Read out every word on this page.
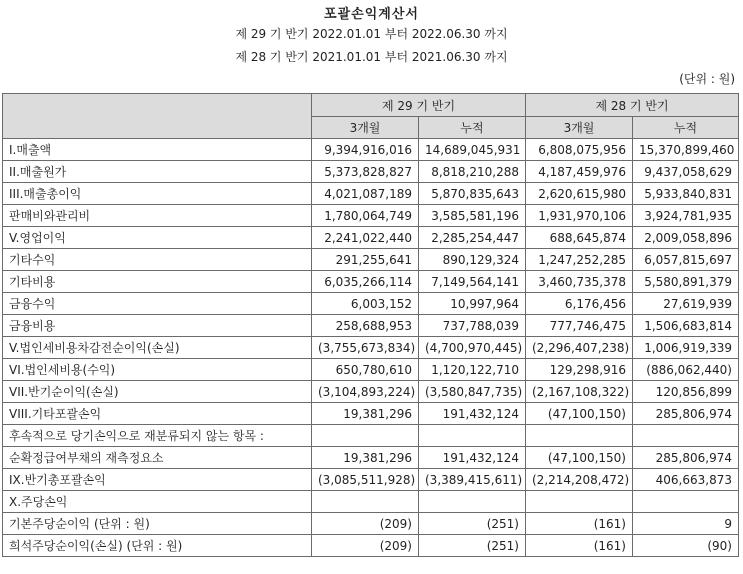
포괄손익계산서
제 29 기 반기 2022.01.01 부터 2022.06.30 까지
제 28 기 반기 2021.01.01 부터 2021.06.30 까지
(단위 : 원)
	제 29 기 반기		제 28 기 반기	
	3개월	누적	3개월	누적
I.매출액	9,394,916,016	14,689,045,931	6,808,075,956	15,370,899,460
II.매출원가	5,373,828,827	8,818,210,288	4,187,459,976	9,437,058,629
III.매출총이익	4,021,087,189	5,870,835,643	2,620,615,980	5,933,840,831
판매비와관리비	1,780,064,749	3,585,581,196	1,931,970,106	3,924,781,935
V.영업이익	2,241,022,440	2,285,254,447	688,645,874	2,009,058,896
기타수익	291,255,641	890,129,324	1,247,252,285	6,057,815,697
기타비용	6,035,266,114	7,149,564,141	3,460,735,378	5,580,891,379
금융수익	6,003,152	10,997,964	6,176,456	27,619,939
금융비용	258,688,953	737,788,039	777,746,475	1,506,683,814
V.법인세비용차감전순이익(손실)	(3,755,673,834)	(4,700,970,445)	(2,296,407,238)	1,006,919,339
VI.법인세비용(수익)	650,780,610	1,120,122,710	129,298,916	(886,062,440)
VII.반기순이익(손실)	(3,104,893,224)	(3,580,847,735)	(2,167,108,322)	120,856,899
VIII.기타포괄손익	19,381,296	191,432,124	(47,100,150)	285,806,974
후속적으로 당기손익으로 재분류되지 않는 항목 :				
순확정급여부채의 재측정요소	19,381,296	191,432,124	(47,100,150)	285,806,974
IX.반기총포괄손익	(3,085,511,928)	(3,389,415,611)	(2,214,208,472)	406,663,873
X.주당손익				
기본주당순이익 (단위 : 원)	(209)	(251)	(161)	9
희석주당순이익(손실) (단위 : 원)	(209)	(251)	(161)	(90)
